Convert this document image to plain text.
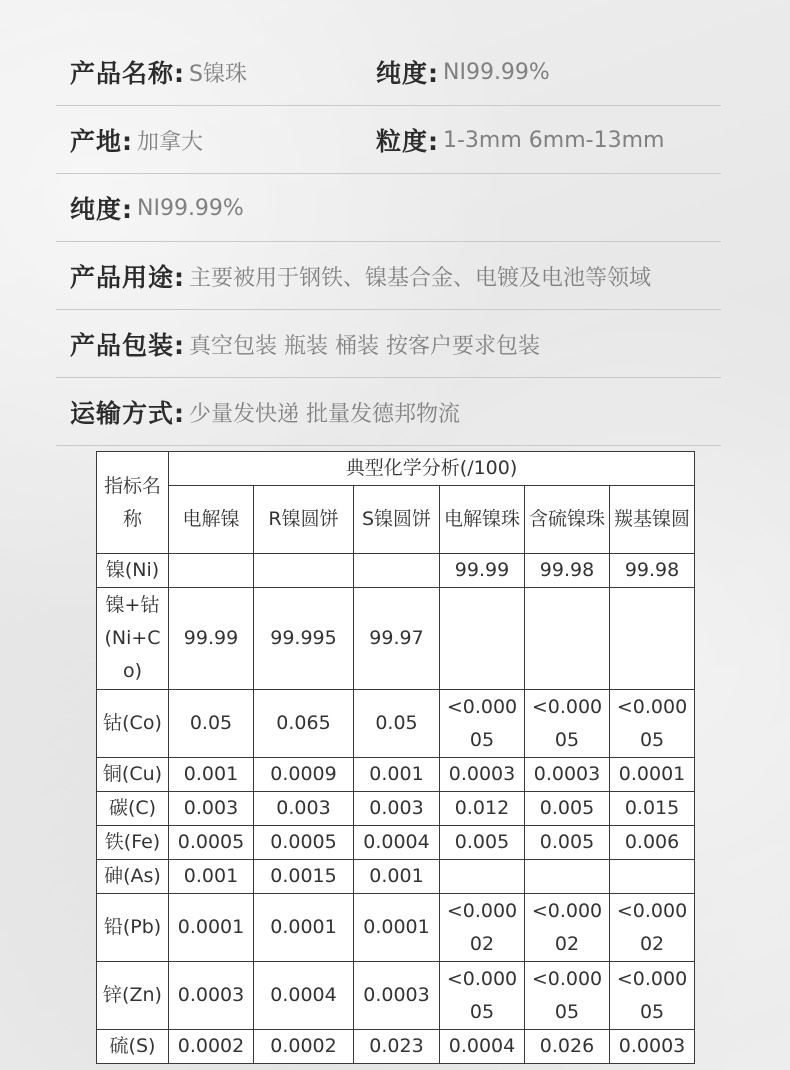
产品名称: S镍珠	纯度: NI99.99%
产地: 加拿大	粒度: 1-3mm 6mm-13mm
纯度: NI99.99%
产品用途: 主要被用于钢铁、镍基合金、电镀及电池等领域
产品包装: 真空包装 瓶装 桶装 按客户要求包装
运输方式: 少量发快递 批量发德邦物流
指标名称	典型化学分析(/100)					
	电解镍	R镍圆饼	S镍圆饼	电解镍珠	含硫镍珠	羰基镍圆
镍(Ni)				99.99	99.98	99.98
镍+钴(Ni+Co)	99.99	99.995	99.97			
钴(Co)	0.05	0.065	0.05	<0.00005	<0.00005	<0.00005
铜(Cu)	0.001	0.0009	0.001	0.0003	0.0003	0.0001
碳(C)	0.003	0.003	0.003	0.012	0.005	0.015
铁(Fe)	0.0005	0.0005	0.0004	0.005	0.005	0.006
砷(As)	0.001	0.0015	0.001			
铅(Pb)	0.0001	0.0001	0.0001	<0.00002	<0.00002	<0.00002
锌(Zn)	0.0003	0.0004	0.0003	<0.00005	<0.00005	<0.00005
硫(S)	0.0002	0.0002	0.023	0.0004	0.026	0.0003
